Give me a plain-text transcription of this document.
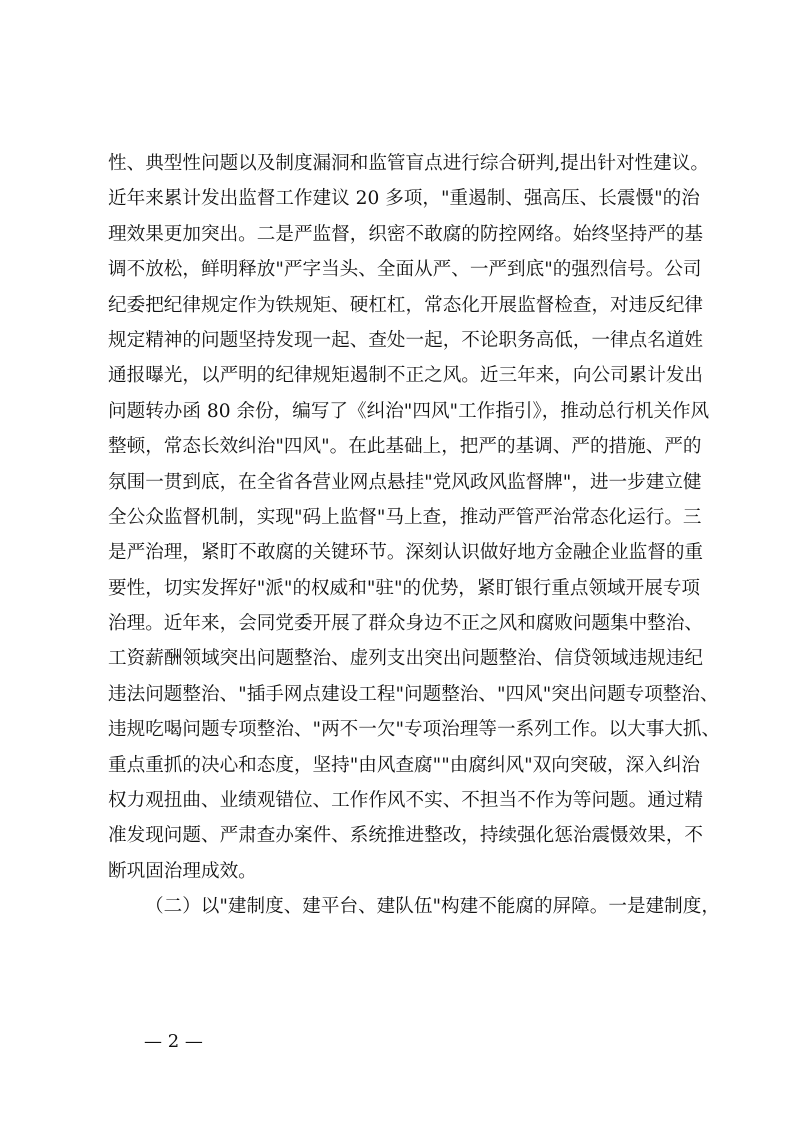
性、典型性问题以及制度漏洞和监管盲点进行综合研判,提出针对性建议。
近年来累计发出监督工作建议 20 多项，"重遏制、强高压、长震慑"的治
理效果更加突出。二是严监督，织密不敢腐的防控网络。始终坚持严的基
调不放松，鲜明释放"严字当头、全面从严、一严到底"的强烈信号。公司
纪委把纪律规定作为铁规矩、硬杠杠，常态化开展监督检查，对违反纪律
规定精神的问题坚持发现一起、查处一起，不论职务高低，一律点名道姓
通报曝光，以严明的纪律规矩遏制不正之风。近三年来，向公司累计发出
问题转办函 80 余份，编写了《纠治"四风"工作指引》，推动总行机关作风
整顿，常态长效纠治"四风"。在此基础上，把严的基调、严的措施、严的
氛围一贯到底，在全省各营业网点悬挂"党风政风监督牌"，进一步建立健
全公众监督机制，实现"码上监督"马上查，推动严管严治常态化运行。三
是严治理，紧盯不敢腐的关键环节。深刻认识做好地方金融企业监督的重
要性，切实发挥好"派"的权威和"驻"的优势，紧盯银行重点领域开展专项
治理。近年来，会同党委开展了群众身边不正之风和腐败问题集中整治、
工资薪酬领域突出问题整治、虚列支出突出问题整治、信贷领域违规违纪
违法问题整治、"插手网点建设工程"问题整治、"四风"突出问题专项整治、
违规吃喝问题专项整治、"两不一欠"专项治理等一系列工作。以大事大抓、
重点重抓的决心和态度，坚持"由风查腐""由腐纠风"双向突破，深入纠治
权力观扭曲、业绩观错位、工作作风不实、不担当不作为等问题。通过精
准发现问题、严肃查办案件、系统推进整改，持续强化惩治震慑效果，不
断巩固治理成效。
（二）以"建制度、建平台、建队伍"构建不能腐的屏障。一是建制度，
— 2 —
